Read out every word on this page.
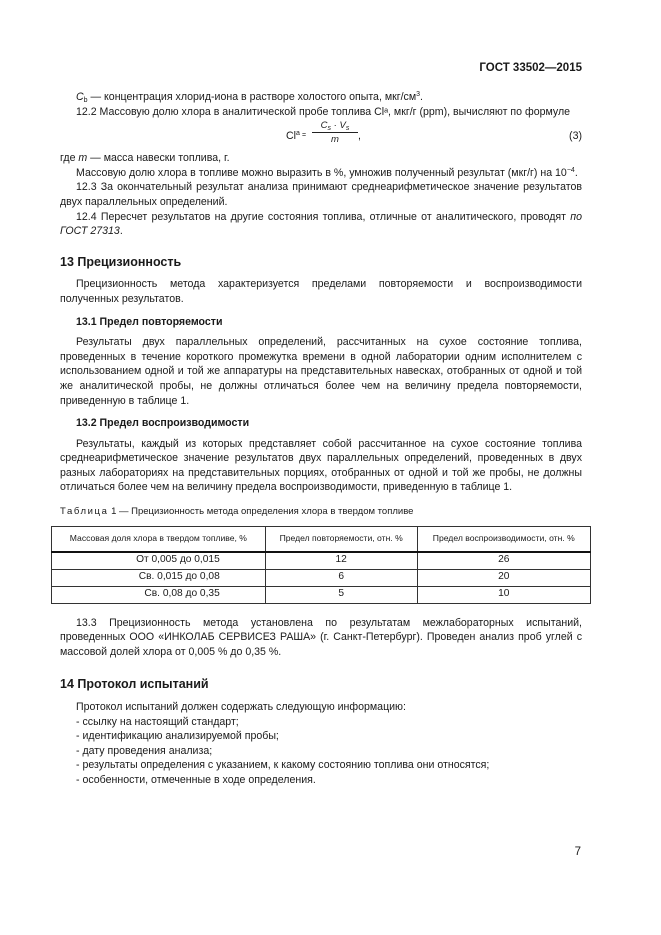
ГОСТ 33502—2015

$C_b$ — концентрация хлорид-иона в растворе холостого опыта, мкг/$см^3$.

12.2 Массовую долю хлора в аналитической пробе топлива Clᵃ, мкг/г (ppm), вычисляют по формуле

$Cl^a = \frac{C_s \cdot V_s}{m}$ ,	(3)

где m — масса навески топлива, г.

Массовую долю хлора в топливе можно выразить в %, умножив полученный результат (мкг/г) на $10^{-4}$.

12.3 За окончательный результат анализа принимают среднеарифметическое значение результатов двух параллельных определений.

12.4 Пересчет результатов на другие состояния топлива, отличные от аналитического, проводят по ГОСТ 27313.

13 Прецизионность

Прецизионность метода характеризуется пределами повторяемости и воспроизводимости полученных результатов.

13.1 Предел повторяемости

Результаты двух параллельных определений, рассчитанных на сухое состояние топлива, проведенных в течение короткого промежутка времени в одной лаборатории одним исполнителем с использованием одной и той же аппаратуры на представительных навесках, отобранных от одной и той же аналитической пробы, не должны отличаться более чем на величину предела повторяемости, приведенную в таблице 1.

13.2 Предел воспроизводимости

Результаты, каждый из которых представляет собой рассчитанное на сухое состояние топлива среднеарифметическое значение результатов двух параллельных определений, проведенных в двух разных лабораториях на представительных порциях, отобранных от одной и той же пробы, не должны отличаться более чем на величину предела воспроизводимости, приведенную в таблице 1.

Таблица 1 — Прецизионность метода определения хлора в твердом топливе

Массовая доля хлора в твердом топливе, %	Предел повторяемости, отн. %	Предел воспроизводимости, отн. %
От 0,005 до 0,015	12	26
Св. 0,015 до 0,08	6	20
Св. 0,08 до 0,35	5	10

13.3 Прецизионность метода установлена по результатам межлабораторных испытаний, проведенных ООО «ИНКОЛАБ СЕРВИСЕЗ РАША» (г. Санкт-Петербург). Проведен анализ проб углей с массовой долей хлора от 0,005 % до 0,35 %.

14 Протокол испытаний

Протокол испытаний должен содержать следующую информацию:

- ссылку на настоящий стандарт;
- идентификацию анализируемой пробы;
- дату проведения анализа;
- результаты определения с указанием, к какому состоянию топлива они относятся;
- особенности, отмеченные в ходе определения.
7
